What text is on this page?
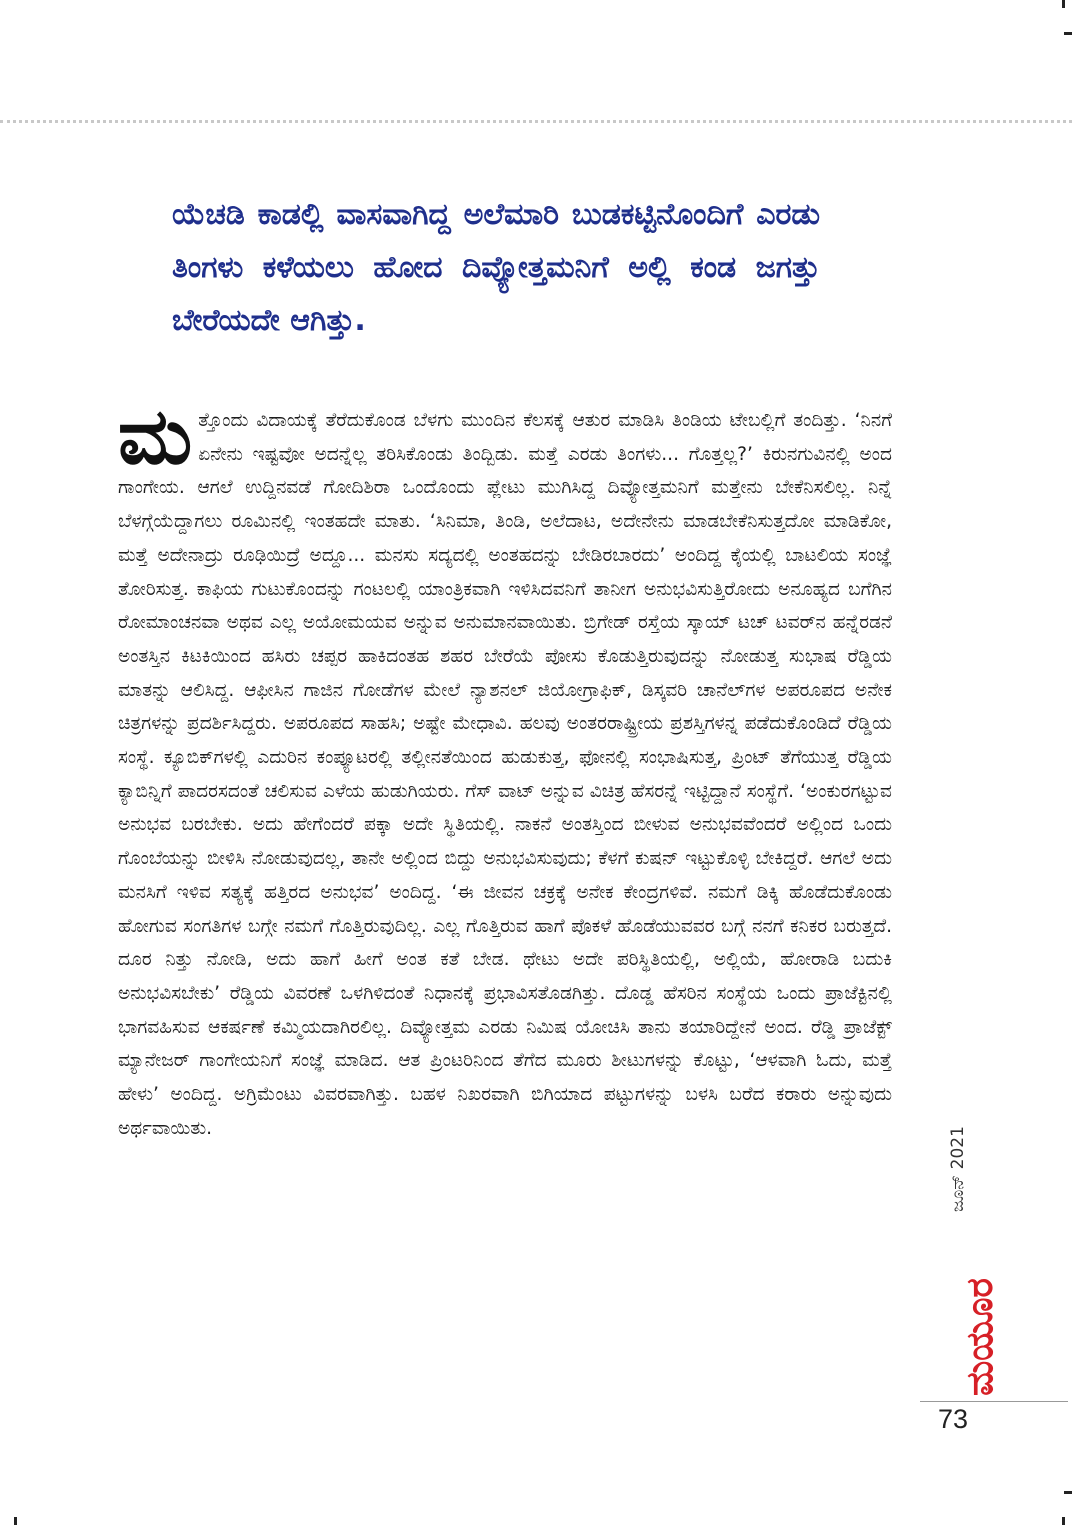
ಯೆಚಡಿ ಕಾಡಲ್ಲಿ ವಾಸವಾಗಿದ್ದ ಅಲೆಮಾರಿ ಬುಡಕಟ್ಟಿನೊಂದಿಗೆ ಎರಡು ತಿಂಗಳು ಕಳೆಯಲು ಹೋದ ದಿವ್ಯೋತ್ತಮನಿಗೆ ಅಲ್ಲಿ ಕಂಡ ಜಗತ್ತು ಬೇರೆಯದೇ ಆಗಿತ್ತು.
ಮ ತ್ತೊಂದು ವಿದಾಯಕ್ಕೆ ತೆರೆದುಕೊಂಡ ಬೆಳಗು ಮುಂದಿನ ಕೆಲಸಕ್ಕೆ ಆತುರ ಮಾಡಿಸಿ ತಿಂಡಿಯ ಟೇಬಲ್ಲಿಗೆ ತಂದಿತ್ತು. ‘ನಿನಗೆ ಏನೇನು ಇಷ್ಟವೋ ಅದನ್ನೆಲ್ಲ ತರಿಸಿಕೊಂಡು ತಿಂದ್ಬಿಡು. ಮತ್ತೆ ಎರಡು ತಿಂಗಳು... ಗೊತ್ತಲ್ಲ?’ ಕಿರುನಗುವಿನಲ್ಲಿ ಅಂದ ಗಾಂಗೇಯ. ಆಗಲೆ ಉದ್ದಿನವಡೆ ಗೋದಿಶಿರಾ ಒಂದೊಂದು ಪ್ಲೇಟು ಮುಗಿಸಿದ್ದ ದಿವ್ಯೋತ್ತಮನಿಗೆ ಮತ್ತೇನು ಬೇಕೆನಿಸಲಿಲ್ಲ. ನಿನ್ನೆ ಬೆಳಗ್ಗೆಯೆದ್ದಾಗಲು ರೂಮಿನಲ್ಲಿ ಇಂತಹದೇ ಮಾತು. ‘ಸಿನಿಮಾ, ತಿಂಡಿ, ಅಲೆದಾಟ, ಅದೇನೇನು ಮಾಡಬೇಕೆನಿಸುತ್ತದೋ ಮಾಡಿಕೋ, ಮತ್ತೆ ಅದೇನಾದ್ರು ರೂಢಿಯಿದ್ರೆ ಅದ್ದೂ... ಮನಸು ಸದ್ಯದಲ್ಲಿ ಅಂತಹದನ್ನು ಬೇಡಿರಬಾರದು’ ಅಂದಿದ್ದ ಕೈಯಲ್ಲಿ ಬಾಟಲಿಯ ಸಂಜ್ಞೆ ತೋರಿಸುತ್ತ. ಕಾಫಿಯ ಗುಟುಕೊಂದನ್ನು ಗಂಟಲಲ್ಲಿ ಯಾಂತ್ರಿಕವಾಗಿ ಇಳಿಸಿದವನಿಗೆ ತಾನೀಗ ಅನುಭವಿಸುತ್ತಿರೋದು ಅನೂಹ್ಯದ ಬಗೆಗಿನ ರೋಮಾಂಚನವಾ ಅಥವ ಎಲ್ಲ ಅಯೋಮಯವ ಅನ್ನುವ ಅನುಮಾನವಾಯಿತು. ಬ್ರಿಗೇಡ್ ರಸ್ತೆಯ ಸ್ಕಾಯ್ ಟಚ್ ಟವರ್‌ನ ಹನ್ನೆರಡನೆ ಅಂತಸ್ತಿನ ಕಿಟಕಿಯಿಂದ ಹಸಿರು ಚಪ್ಪರ ಹಾಕಿದಂತಹ ಶಹರ ಬೇರೆಯೆ ಪೋಸು ಕೊಡುತ್ತಿರುವುದನ್ನು ನೋಡುತ್ತ ಸುಭಾಷ ರೆಡ್ಡಿಯ ಮಾತನ್ನು ಆಲಿಸಿದ್ದ. ಆಫೀಸಿನ ಗಾಜಿನ ಗೋಡೆಗಳ ಮೇಲೆ ನ್ಯಾಶನಲ್ ಜಿಯೋಗ್ರಾಫಿಕ್, ಡಿಸ್ಕವರಿ ಚಾನೆಲ್‌ಗಳ ಅಪರೂಪದ ಅನೇಕ ಚಿತ್ರಗಳನ್ನು ಪ್ರದರ್ಶಿಸಿದ್ದರು. ಅಪರೂಪದ ಸಾಹಸಿ; ಅಷ್ಟೇ ಮೇಧಾವಿ. ಹಲವು ಅಂತರರಾಷ್ಟ್ರೀಯ ಪ್ರಶಸ್ತಿಗಳನ್ನ ಪಡೆದುಕೊಂಡಿದೆ ರೆಡ್ಡಿಯ ಸಂಸ್ಥೆ. ಕ್ಯೂಬಿಕ್‌ಗಳಲ್ಲಿ ಎದುರಿನ ಕಂಪ್ಯೂಟರಲ್ಲಿ ತಲ್ಲೀನತೆಯಿಂದ ಹುಡುಕುತ್ತ, ಫೋನಲ್ಲಿ ಸಂಭಾಷಿಸುತ್ತ, ಪ್ರಿಂಟ್ ತೆಗೆಯುತ್ತ ರೆಡ್ಡಿಯ ಕ್ಯಾಬಿನ್ನಿಗೆ ಪಾದರಸದಂತೆ ಚಲಿಸುವ ಎಳೆಯ ಹುಡುಗಿಯರು. ಗೆಸ್ ವಾಟ್ ಅನ್ನುವ ವಿಚಿತ್ರ ಹೆಸರನ್ನೆ ಇಟ್ಟಿದ್ದಾನೆ ಸಂಸ್ಥೆಗೆ. ‘ಅಂಕುರಗಟ್ಟುವ ಅನುಭವ ಬರಬೇಕು. ಅದು ಹೇಗೆಂದರೆ ಪಕ್ಕಾ ಅದೇ ಸ್ಥಿತಿಯಲ್ಲಿ. ನಾಕನೆ ಅಂತಸ್ತಿಂದ ಬೀಳುವ ಅನುಭವವೆಂದರೆ ಅಲ್ಲಿಂದ ಒಂದು ಗೊಂಬೆಯನ್ನು ಬೀಳಿಸಿ ನೋಡುವುದಲ್ಲ, ತಾನೇ ಅಲ್ಲಿಂದ ಬಿದ್ದು ಅನುಭವಿಸುವುದು; ಕೆಳಗೆ ಕುಷನ್ ಇಟ್ಟುಕೊಳ್ಳಿ ಬೇಕಿದ್ದರೆ. ಆಗಲೆ ಅದು ಮನಸಿಗೆ ಇಳಿವ ಸತ್ಯಕ್ಕೆ ಹತ್ತಿರದ ಅನುಭವ’ ಅಂದಿದ್ದ. ‘ಈ ಜೀವನ ಚಕ್ರಕ್ಕೆ ಅನೇಕ ಕೇಂದ್ರಗಳಿವೆ. ನಮಗೆ ಡಿಕ್ಕಿ ಹೊಡೆದುಕೊಂಡು ಹೋಗುವ ಸಂಗತಿಗಳ ಬಗ್ಗೇ ನಮಗೆ ಗೊತ್ತಿರುವುದಿಲ್ಲ. ಎಲ್ಲ ಗೊತ್ತಿರುವ ಹಾಗೆ ಪೊಕಳೆ ಹೊಡೆಯುವವರ ಬಗ್ಗೆ ನನಗೆ ಕನಿಕರ ಬರುತ್ತದೆ. ದೂರ ನಿತ್ತು ನೋಡಿ, ಅದು ಹಾಗೆ ಹೀಗೆ ಅಂತ ಕತೆ ಬೇಡ. ಥೇಟು ಅದೇ ಪರಿಸ್ಥಿತಿಯಲ್ಲಿ, ಅಲ್ಲಿಯೆ, ಹೋರಾಡಿ ಬದುಕಿ ಅನುಭವಿಸಬೇಕು’ ರೆಡ್ಡಿಯ ವಿವರಣೆ ಒಳಗಿಳಿದಂತೆ ನಿಧಾನಕ್ಕೆ ಪ್ರಭಾವಿಸತೊಡಗಿತ್ತು. ದೊಡ್ಡ ಹೆಸರಿನ ಸಂಸ್ಥೆಯ ಒಂದು ಪ್ರಾಜೆಕ್ಟಿನಲ್ಲಿ ಭಾಗವಹಿಸುವ ಆಕರ್ಷಣೆ ಕಮ್ಮಿಯದಾಗಿರಲಿಲ್ಲ. ದಿವ್ಯೋತ್ತಮ ಎರಡು ನಿಮಿಷ ಯೋಚಿಸಿ ತಾನು ತಯಾರಿದ್ದೇನೆ ಅಂದ. ರೆಡ್ಡಿ ಪ್ರಾಜೆಕ್ಟ್ ಮ್ಯಾನೇಜರ್ ಗಾಂಗೇಯನಿಗೆ ಸಂಜ್ಞೆ ಮಾಡಿದ. ಆತ ಪ್ರಿಂಟರಿನಿಂದ ತೆಗೆದ ಮೂರು ಶೀಟುಗಳನ್ನು ಕೊಟ್ಟು, ‘ಆಳವಾಗಿ ಓದು, ಮತ್ತೆ ಹೇಳು’ ಅಂದಿದ್ದ. ಅಗ್ರಿಮೆಂಟು ವಿವರವಾಗಿತ್ತು. ಬಹಳ ನಿಖರವಾಗಿ ಬಿಗಿಯಾದ ಪಟ್ಟುಗಳನ್ನು ಬಳಸಿ ಬರೆದ ಕರಾರು ಅನ್ನುವುದು ಅರ್ಥವಾಯಿತು.	ಜೂನ್ 2021
ಮಯೂರ
73
